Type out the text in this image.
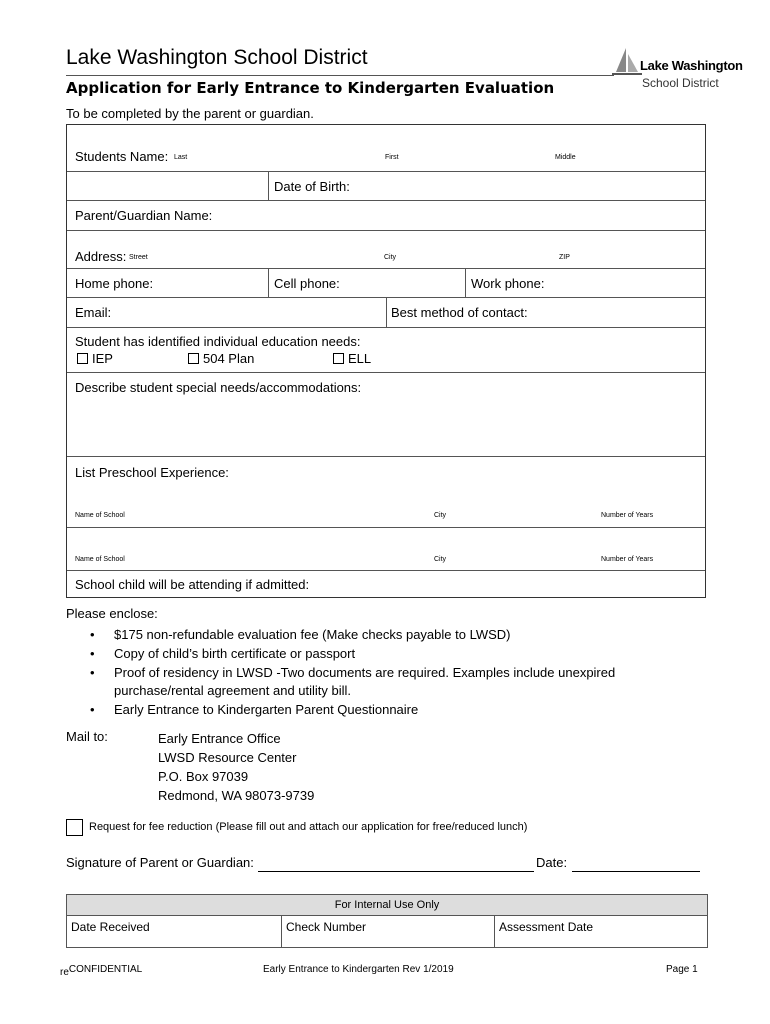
Lake Washington School District
Application for Early Entrance to Kindergarten Evaluation
Lake Washington
School District
To be completed by the parent or guardian.
Students Name: Last	First	Middle
Date of Birth:
Parent/Guardian Name:
Address: Street	City	ZIP
Home phone:	Cell phone:	Work phone:
Email:	Best method of contact:
Student has identified individual education needs:
IEP	504 Plan	ELL
Describe student special needs/accommodations:
List Preschool Experience:
Name of School	City	Number of Years
Name of School	City	Number of Years
School child will be attending if admitted:
Please enclose:
• $175 non-refundable evaluation fee (Make checks payable to LWSD)
• Copy of child’s birth certificate or passport
• Proof of residency in LWSD -Two documents are required. Examples include unexpired purchase/rental agreement and utility bill.
• Early Entrance to Kindergarten Parent Questionnaire
Mail to:	Early Entrance Office
LWSD Resource Center
P.O. Box 97039
Redmond, WA 98073-9739
Request for fee reduction (Please fill out and attach our application for free/reduced lunch)
Signature of Parent or Guardian:	Date:
For Internal Use Only
Date Received	Check Number	Assessment Date
reCONFIDENTIAL	Early Entrance to Kindergarten Rev 1/2019	Page 1
